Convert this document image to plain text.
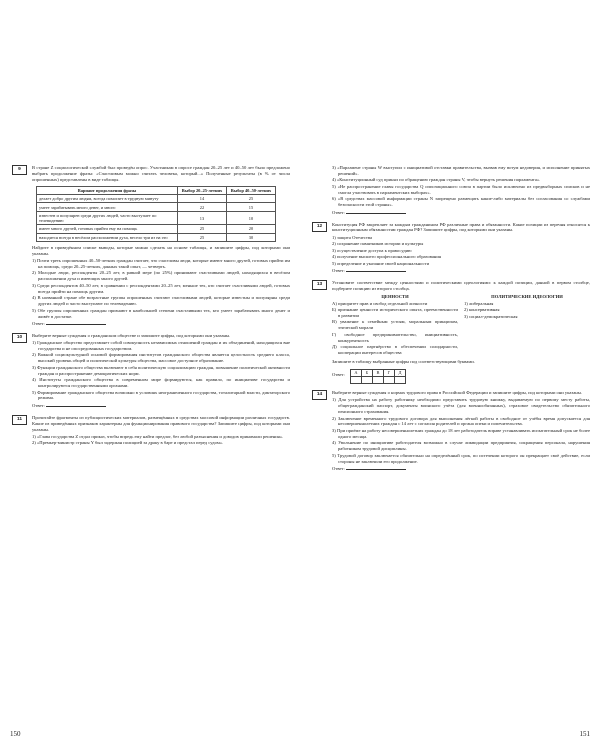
9	В стране Z социологической службой был проведён опрос. Участникам в опросе граждан 20–25 лет и 40–50 лет было предложено выбрать продолжение фразы: «Счастливым можно считать человека, который...» Полученные результаты (в % от числа опрошенных) представлены в виде таблицы.

Вариант продолжения фразы	Выбор 20–25-летних	Выбор 40–50-летних
делает добро другим людям, всегда помогает в трудную минуту	14	25
умеет зарабатывать много денег, и много	22	15
известен и популярен среди других людей, часто выступает по телевидению	13	10
имеет много друзей, готовых прийти ему на помощь	25	20
находится всегда в весёлом расположении духа, весело три из на это	25	30

Найдите в приведённом списке выводы, которые можно сделать на основе таблицы, и запишите цифры, под которыми они указаны.

1) Почти треть опрошенных 40–50-летних граждан считает, что счастливы люди, которые имеют много друзей, готовых прийти им на помощь, среди 20–25-летних, данных такой опыт, — четверть.

2) Молодые люди, респонденты 20–25 лет, в равной мере (по 25%) принимают счастливыми людей, находящихся в весёлом расположении духа и имеющих много друзей.

3) Среди респондентов 40–50 лет, в сравнении с респондентами 20–25 лет, меньше тех, кто считает счастливыми людей, готовых всегда прийти на помощь другим.

4) В названной стране обе возрастные группы опрошенных считают счастливыми людей, которые известны и популярны среди других людей и часто выступают по телевидению.

5) Обе группы опрошенных граждан признают в наибольшей степени счастливыми тех, кто умеет зарабатывать много денег и живёт в достатке.

Ответ:
10	Выберите верные суждения о гражданском обществе и запишите цифры, под которыми они указаны.

1) Гражданское общество представляет собой совокупность независимых отношений граждан и их объединений, находящихся вне государства и не опосредованных государством.

2) Важной социокультурной основой формирования институтов гражданского общества является целостность среднего класса, высокий уровень общей и политической культуры общества, массовое доступное образование.

3) Функции гражданского общества включают в себя политическую социализацию граждан, повышение политической активности граждан и распространение демократических норм.

4) Институты гражданского общества в современном мире формируются, как правило, по инициативе государства и контролируются государственными органами.

5) Формирование гражданского общества возможно в условиях неограниченного государства, тоталитарной власти, диктаторского режима.

Ответ:
11	Прочитайте фрагменты из публицистических материалов, размещённых в средствах массовой информации различных государств. Какие из приведённых признаков характерны для функционирования правового государства? Запишите цифры, под которыми они указаны.

1) «Глава государства Z отдал приказ, чтобы впредь ему найти предлог, без любой разъяснения и доводов принимали решения».

2) «Премьер-министр страны Y был задержан полицией за драку в баре и предстал перед судом».

3) «Парламент страны W выступил с инициативой отставки правительства, вызвав ему вотум недоверия, и исполнение принятых решений».

4) «Конституционный суд принял по обращению граждан страны V, чтобы вернуть решения парламента».

5) «Не распространение главы государства Q оппозиционного союза в партии было исключено из предвыборных списков и не смогла участвовать в парламентских выборах».

6) «В средствах массовой информации страны N запрещено размещать какие-либо материалы без согласования со службами безопасности этой страны».

Ответ:
12	Конституция РФ закрепляет за каждым гражданином РФ различные права и обязанности. Какие позиции из перечня относятся к конституционным обязанностям граждан РФ? Запишите цифры, под которыми они указаны.

1) защита Отечества

2) сохранение памятников истории и культуры

3) осуществление доступа к правосудию

4) получение высшего профессионального образования

5) определение и указание своей национальности

Ответ:
13	Установите соответствие между ценностями и политическими идеологиями: к каждой позиции, данной в первом столбце, подберите позицию из второго столбца.

ЦЕННОСТИ

А) приоритет прав и свобод отдельной личности

Б) признание ценности исторического опыта, преемственности в развитии

В) уважение к семейным устоям, моральным принципам, этической морали

Г) свободное предпринимательство, инициативность, конкурентность

Д) социальное партнёрство в обеспечении солидарности, кооперации интересов общества

ПОЛИТИЧЕСКИЕ ИДЕОЛОГИИ

1) либеральная

2) консервативная

3) социал-демократическая

Запишите в таблицу выбранные цифры под соответствующими буквами.

Ответ: А	Б	В	Г	Д

14	Выберите верные суждения о нормах трудового права в Российской Федерации и запишите цифры, под которыми они указаны.

1) Для устройства на работу работнику необходимо представить трудовую книжку, выдаваемую по первому месту работы, общегражданский паспорт, документы воинского учёта (для военнообязанных), страховое свидетельство обязательного пенсионного страхования.

2) Заключение временного трудового договора для выполнения лёгкой работы в свободное от учёбы время допускается для несовершеннолетних граждан с 14 лет с согласия родителей и органа опеки и попечительства.

3) При приёме на работу несовершеннолетних граждан до 18 лет работодатель вправе устанавливать испытательный срок не более одного месяца.

4) Увольнение по инициативе работодателя возможно в случае ликвидации предприятия, сокращения персонала, нарушения работником трудовой дисциплины.

5) Трудовой договор заключается обязательно на определённый срок, по истечении которого он прекращает своё действие, если стороны не заключили его продолжение.

Ответ:
150	151
